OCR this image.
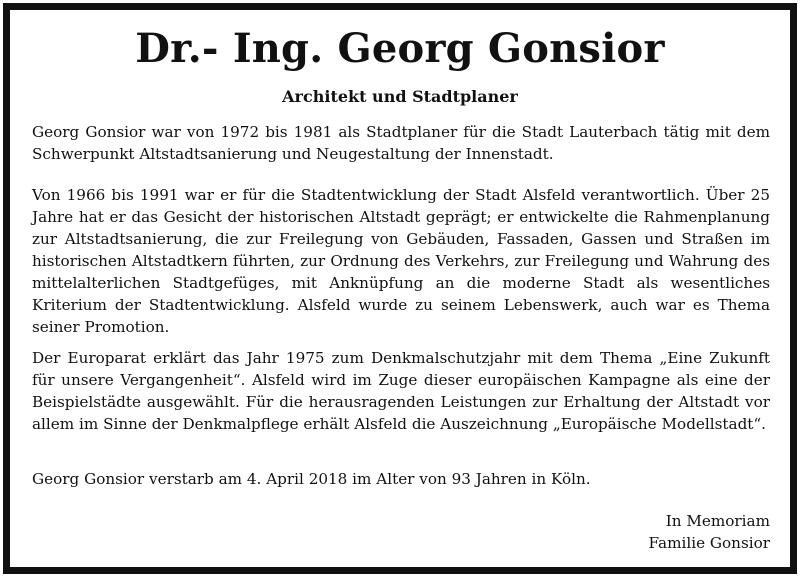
Dr.- Ing. Georg Gonsior
Architekt und Stadtplaner

Georg Gonsior war von 1972 bis 1981 als Stadtplaner für die Stadt Lauterbach tätig mit dem Schwerpunkt Altstadtsanierung und Neugestaltung der Innenstadt.

Von 1966 bis 1991 war er für die Stadtentwicklung der Stadt Alsfeld verantwortlich. Über 25 Jahre hat er das Gesicht der historischen Altstadt geprägt; er entwickelte die Rahmenplanung zur Altstadtsanierung, die zur Freilegung von Gebäuden, Fassaden, Gassen und Straßen im historischen Altstadtkern führten, zur Ordnung des Verkehrs, zur Freilegung und Wahrung des mittelalterlichen Stadtgefüges, mit Anknüpfung an die moderne Stadt als wesentliches Kriterium der Stadtentwicklung. Alsfeld wurde zu seinem Lebenswerk, auch war es Thema seiner Promotion.

Der Europarat erklärt das Jahr 1975 zum Denkmalschutzjahr mit dem Thema „Eine Zukunft für unsere Vergangenheit“. Alsfeld wird im Zuge dieser europäischen Kampagne als eine der Beispielstädte ausgewählt. Für die herausragenden Leistungen zur Erhaltung der Altstadt vor allem im Sinne der Denkmalpflege erhält Alsfeld die Auszeichnung „Europäische Modellstadt“.

Georg Gonsior verstarb am 4. April 2018 im Alter von 93 Jahren in Köln.

In Memoriam
Familie Gonsior
